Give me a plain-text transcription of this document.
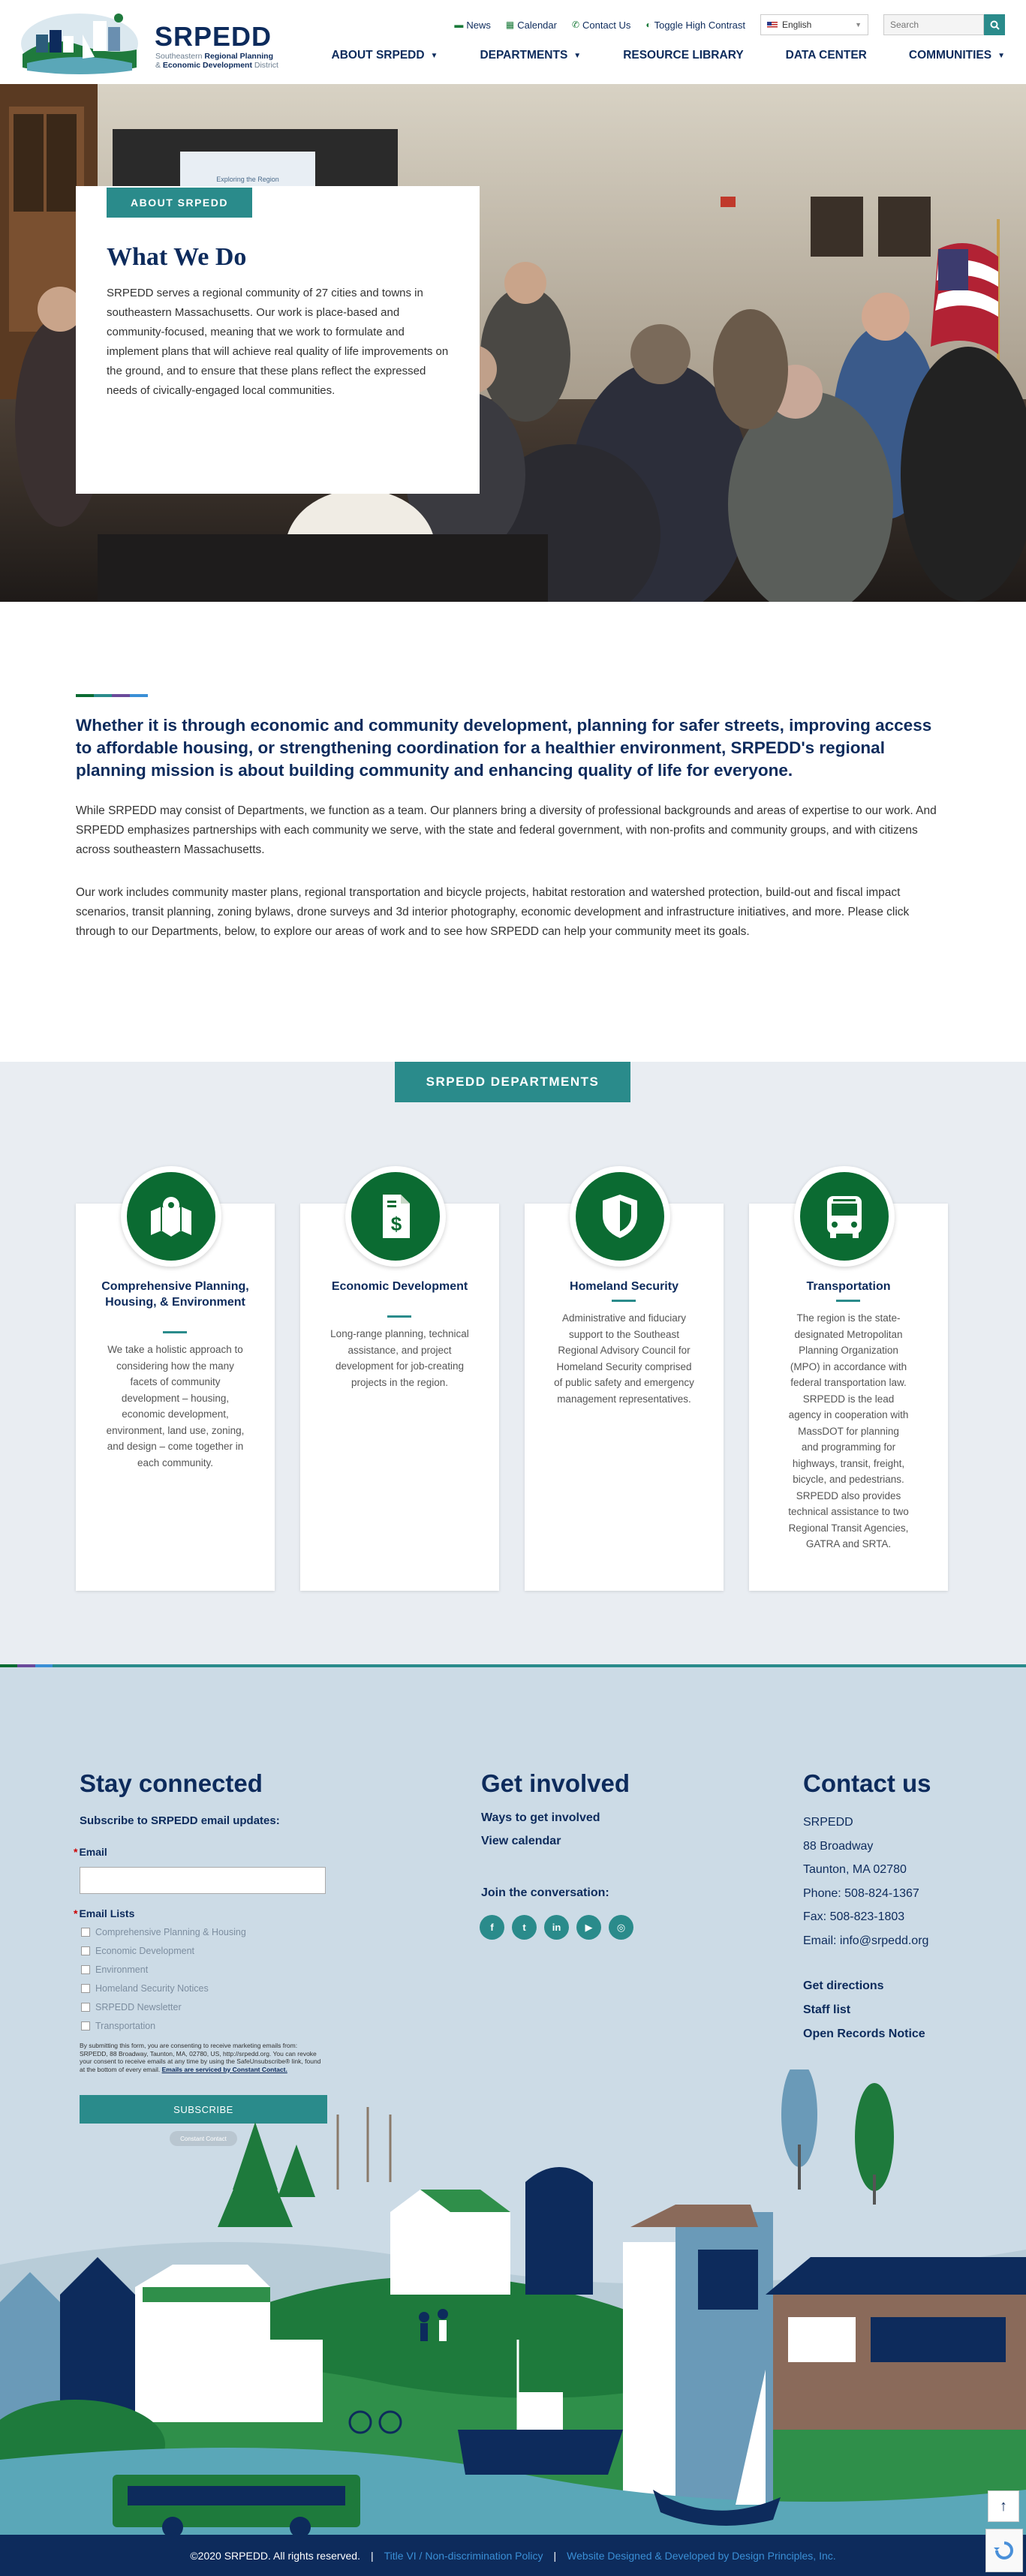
SRPEDD
Southeastern Regional Planning
& Economic Development District
▬ News ▦ Calendar ✆ Contact Us ◐ Toggle High Contrast	English	▼
Search
ABOUT SRPEDD ▼	DEPARTMENTS ▼	RESOURCE LIBRARY	DATA CENTER	COMMUNITIES ▼
Exploring the Region
ABOUT SRPEDD
What We Do
SRPEDD serves a regional community of 27 cities and towns in southeastern Massachusetts. Our work is place-based and community-focused, meaning that we work to formulate and implement plans that will achieve real quality of life improvements on the ground, and to ensure that these plans reflect the expressed needs of civically-engaged local communities.
Whether it is through economic and community development, planning for safer streets, improving access to affordable housing, or strengthening coordination for a healthier environment, SRPEDD's regional planning mission is about building community and enhancing quality of life for everyone.
While SRPEDD may consist of Departments, we function as a team. Our planners bring a diversity of professional backgrounds and areas of expertise to our work. And SRPEDD emphasizes partnerships with each community we serve, with the state and federal government, with non-profits and community groups, and with citizens across southeastern Massachusetts.
Our work includes community master plans, regional transportation and bicycle projects, habitat restoration and watershed protection, build-out and fiscal impact scenarios, transit planning, zoning bylaws, drone surveys and 3d interior photography, economic development and infrastructure initiatives, and more. Please click through to our Departments, below, to explore our areas of work and to see how SRPEDD can help your community meet its goals.
SRPEDD DEPARTMENTS
Comprehensive Planning, Housing, & Environment
We take a holistic approach to considering how the many facets of community development – housing, economic development, environment, land use, zoning, and design – come together in each community.
$
Economic Development
Long-range planning, technical assistance, and project development for job-creating projects in the region.
Homeland Security
Administrative and fiduciary support to the Southeast Regional Advisory Council for Homeland Security comprised of public safety and emergency management representatives.
Transportation
The region is the state-designated Metropolitan Planning Organization (MPO) in accordance with federal transportation law. SRPEDD is the lead agency in cooperation with MassDOT for planning and programming for highways, transit, freight, bicycle, and pedestrians. SRPEDD also provides technical assistance to two Regional Transit Agencies, GATRA and SRTA.
Stay connected
Subscribe to SRPEDD email updates:
* Email
* Email Lists
Comprehensive Planning & Housing
Economic Development
Environment
Homeland Security Notices
SRPEDD Newsletter
Transportation
By submitting this form, you are consenting to receive marketing emails from: SRPEDD, 88 Broadway, Taunton, MA, 02780, US, http://srpedd.org. You can revoke your consent to receive emails at any time by using the SafeUnsubscribe® link, found at the bottom of every email. Emails are serviced by Constant Contact.
SUBSCRIBE
Constant Contact
Get involved
Ways to get involved
View calendar
Join the conversation:
f	t	in	▶	◎
Contact us
SRPEDD
88 Broadway
Taunton, MA 02780
Phone: 508-824-1367
Fax: 508-823-1803
Email: info@srpedd.org
Get directions
Staff list
Open Records Notice
©2020 SRPEDD. All rights reserved. | Title VI / Non-discrimination Policy | Website Designed & Developed by Design Principles, Inc.
↑
